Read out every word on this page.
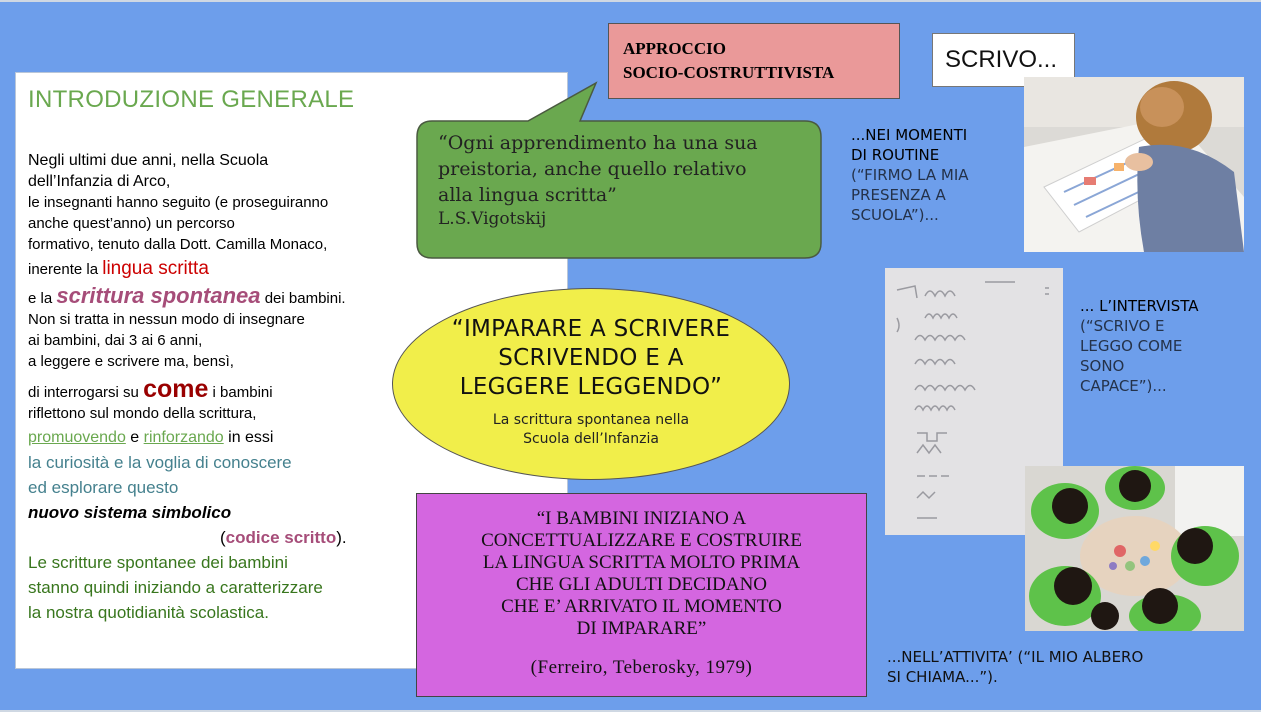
INTRODUZIONE GENERALE
Negli ultimi due anni, nella Scuola
dell’Infanzia di Arco,
le insegnanti hanno seguito (e proseguiranno
anche quest’anno) un percorso
formativo, tenuto dalla Dott. Camilla Monaco,
inerente la lingua scritta
e la scrittura spontanea dei bambini.
Non si tratta in nessun modo di insegnare
ai bambini, dai 3 ai 6 anni,
a leggere e scrivere ma, bensì,
di interrogarsi su come i bambini
riflettono sul mondo della scrittura,
promuovendo e rinforzando in essi
la curiosità e la voglia di conoscere
ed esplorare questo
nuovo sistema simbolico
(codice scritto).
Le scritture spontanee dei bambini
stanno quindi iniziando a caratterizzare
la nostra quotidianità scolastica.
APPROCCIO
SOCIO-COSTRUTTIVISTA
“Ogni apprendimento ha una sua
preistoria, anche quello relativo
alla lingua scritta”
L.S.Vigotskij
“IMPARARE A SCRIVERE
SCRIVENDO E A
LEGGERE LEGGENDO”
La scrittura spontanea nella
Scuola dell’Infanzia
“I BAMBINI INIZIANO A
CONCETTUALIZZARE E COSTRUIRE
LA LINGUA SCRITTA MOLTO PRIMA
CHE GLI ADULTI DECIDANO
CHE E’ ARRIVATO IL MOMENTO
DI IMPARARE”
(Ferreiro, Teberosky, 1979)
SCRIVO...
...NEI MOMENTI
DI ROUTINE
(“FIRMO LA MIA
PRESENZA A
SCUOLA”)...
... L’INTERVISTA
(“SCRIVO E
LEGGO COME
SONO
CAPACE”)...
...NELL’ATTIVITA’ (“IL MIO ALBERO
SI CHIAMA...”).
